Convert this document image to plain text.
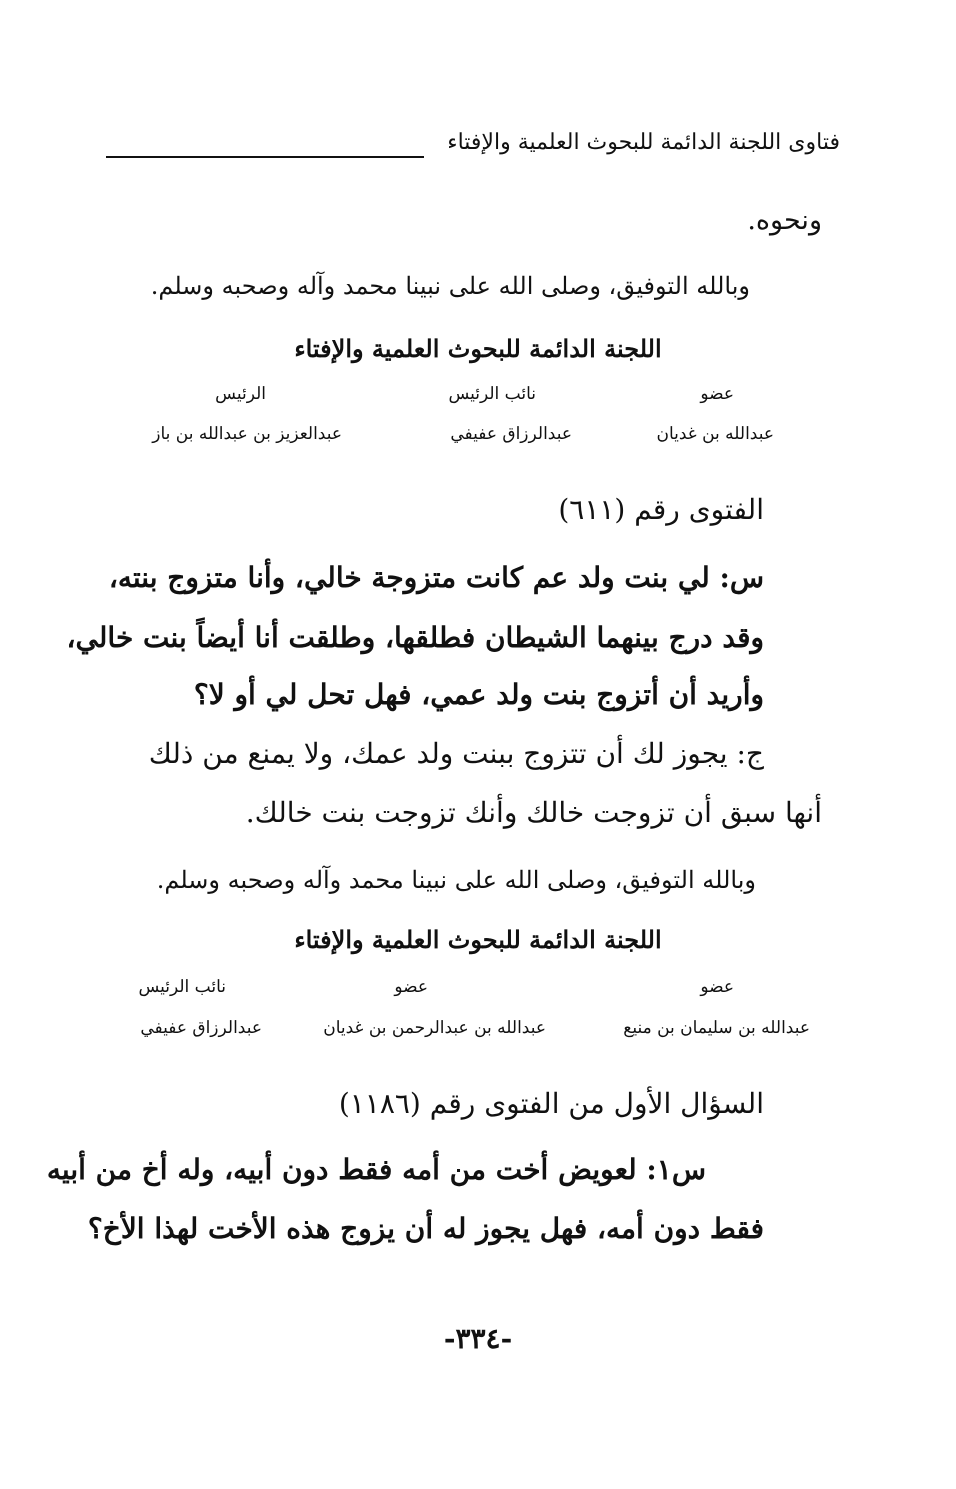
فتاوى اللجنة الدائمة للبحوث العلمية والإفتاء
ونحوه.
وبالله التوفيق، وصلى الله على نبينا محمد وآله وصحبه وسلم.
اللجنة الدائمة للبحوث العلمية والإفتاء
عضو
نائب الرئيس
الرئيس
عبدالله بن غديان
عبدالرزاق عفيفي
عبدالعزيز بن عبدالله بن باز
الفتوى رقم (٦١١)
س: لي بنت ولد عم كانت متزوجة خالي، وأنا متزوج بنته،
وقد درج بينهما الشيطان فطلقها، وطلقت أنا أيضاً بنت خالي،
وأريد أن أتزوج بنت ولد عمي، فهل تحل لي أو لا؟
ج: يجوز لك أن تتزوج ببنت ولد عمك، ولا يمنع من ذلك
أنها سبق أن تزوجت خالك وأنك تزوجت بنت خالك.
وبالله التوفيق، وصلى الله على نبينا محمد وآله وصحبه وسلم.
اللجنة الدائمة للبحوث العلمية والإفتاء
عضو
عضو
نائب الرئيس
عبدالله بن سليمان بن منيع
عبدالله بن عبدالرحمن بن غديان
عبدالرزاق عفيفي
السؤال الأول من الفتوى رقم (١١٨٦)
س١: لعويض أخت من أمه فقط دون أبيه، وله أخ من أبيه
فقط دون أمه، فهل يجوز له أن يزوج هذه الأخت لهذا الأخ؟
-٣٣٤-
